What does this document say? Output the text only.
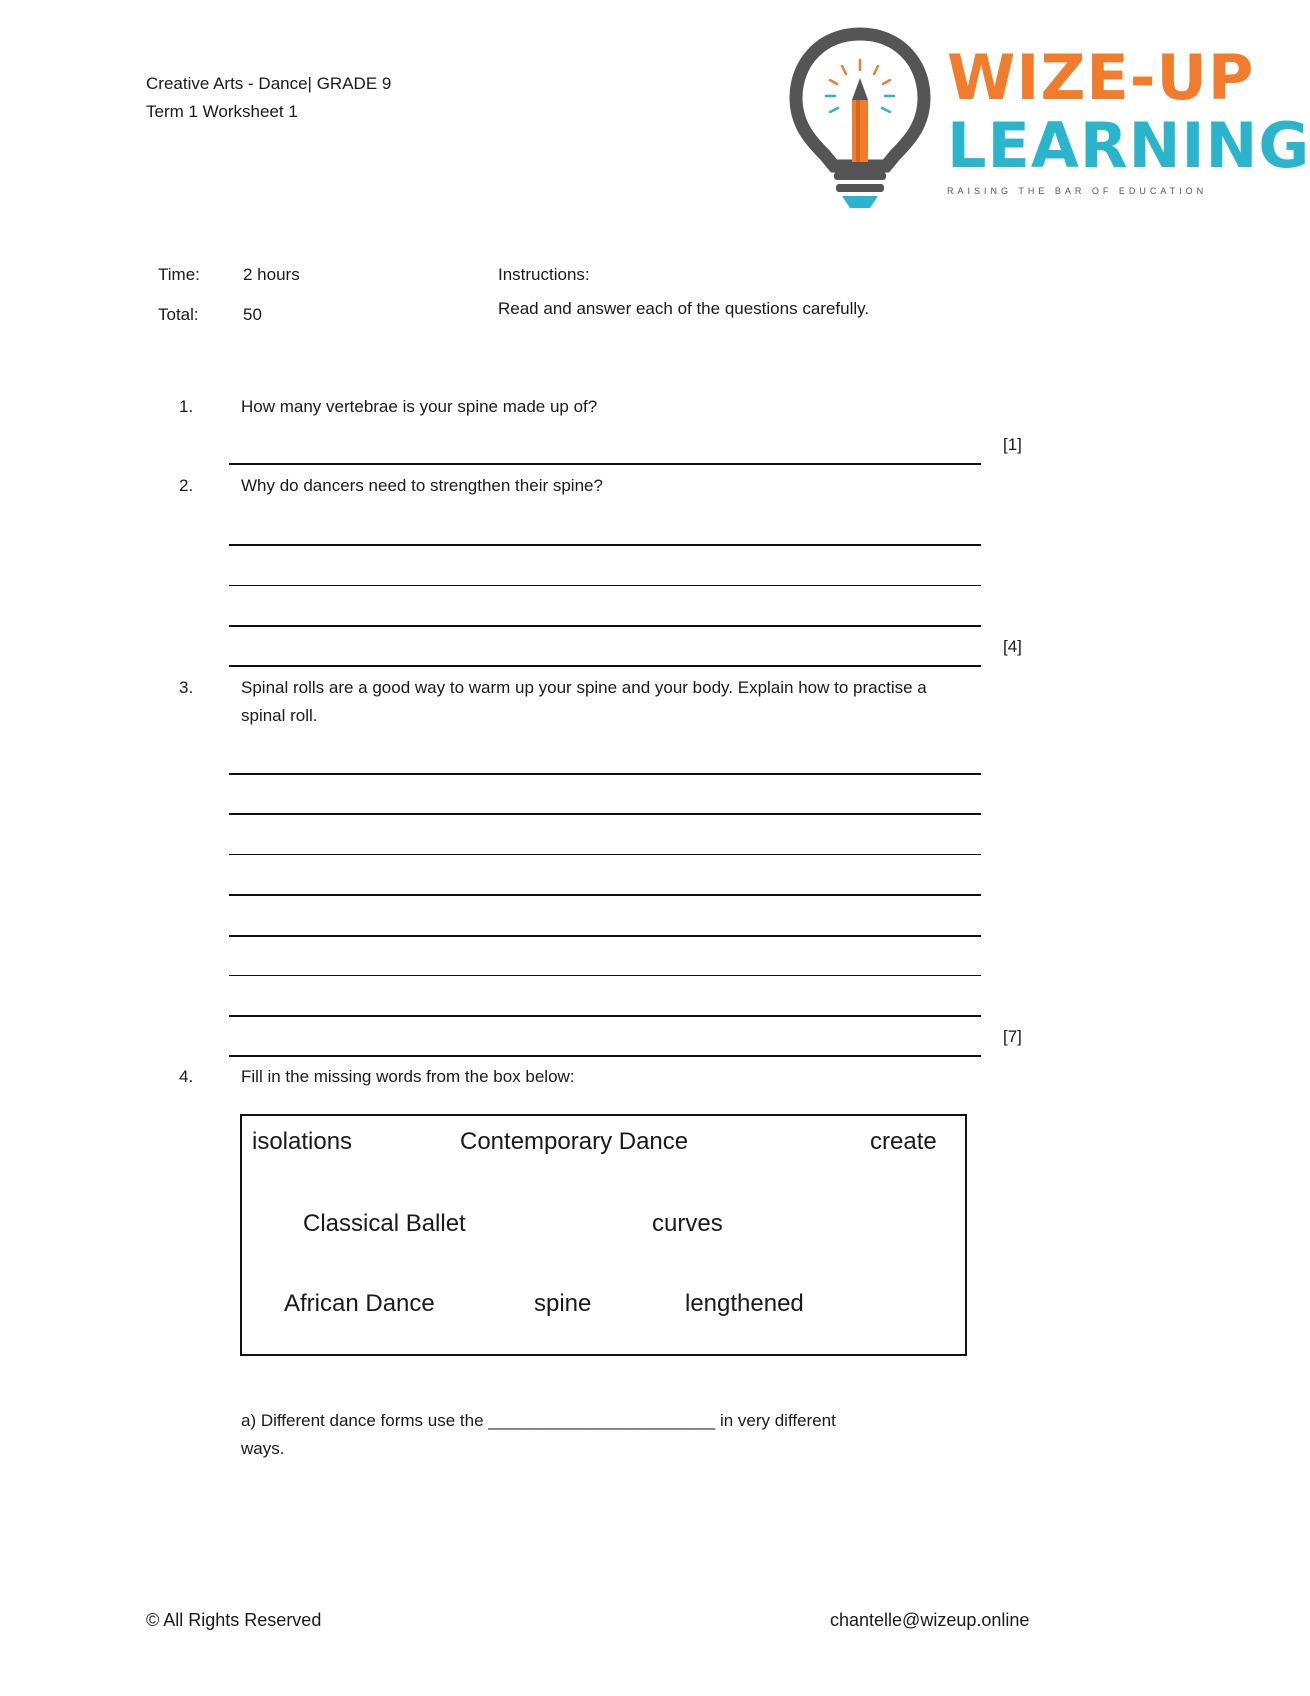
Creative Arts - Dance| GRADE 9
Term 1 Worksheet 1	WIZE-UP
LEARNING
RAISING THE BAR OF EDUCATION
Time:	2 hours
Total:	50
Instructions:
Read and answer each of the questions carefully.
1.	How many vertebrae is your spine made up of?
[1]
2.	Why do dancers need to strengthen their spine?
[4]
3.	Spinal rolls are a good way to warm up your spine and your body. Explain how to practise a spinal roll.
[7]
4.	Fill in the missing words from the box below:
isolations	Contemporary Dance	create
Classical Ballet	curves
African Dance	spine	lengthened
a) Different dance forms use the ________________________ in very different
ways.
© All Rights Reserved	chantelle@wizeup.online
